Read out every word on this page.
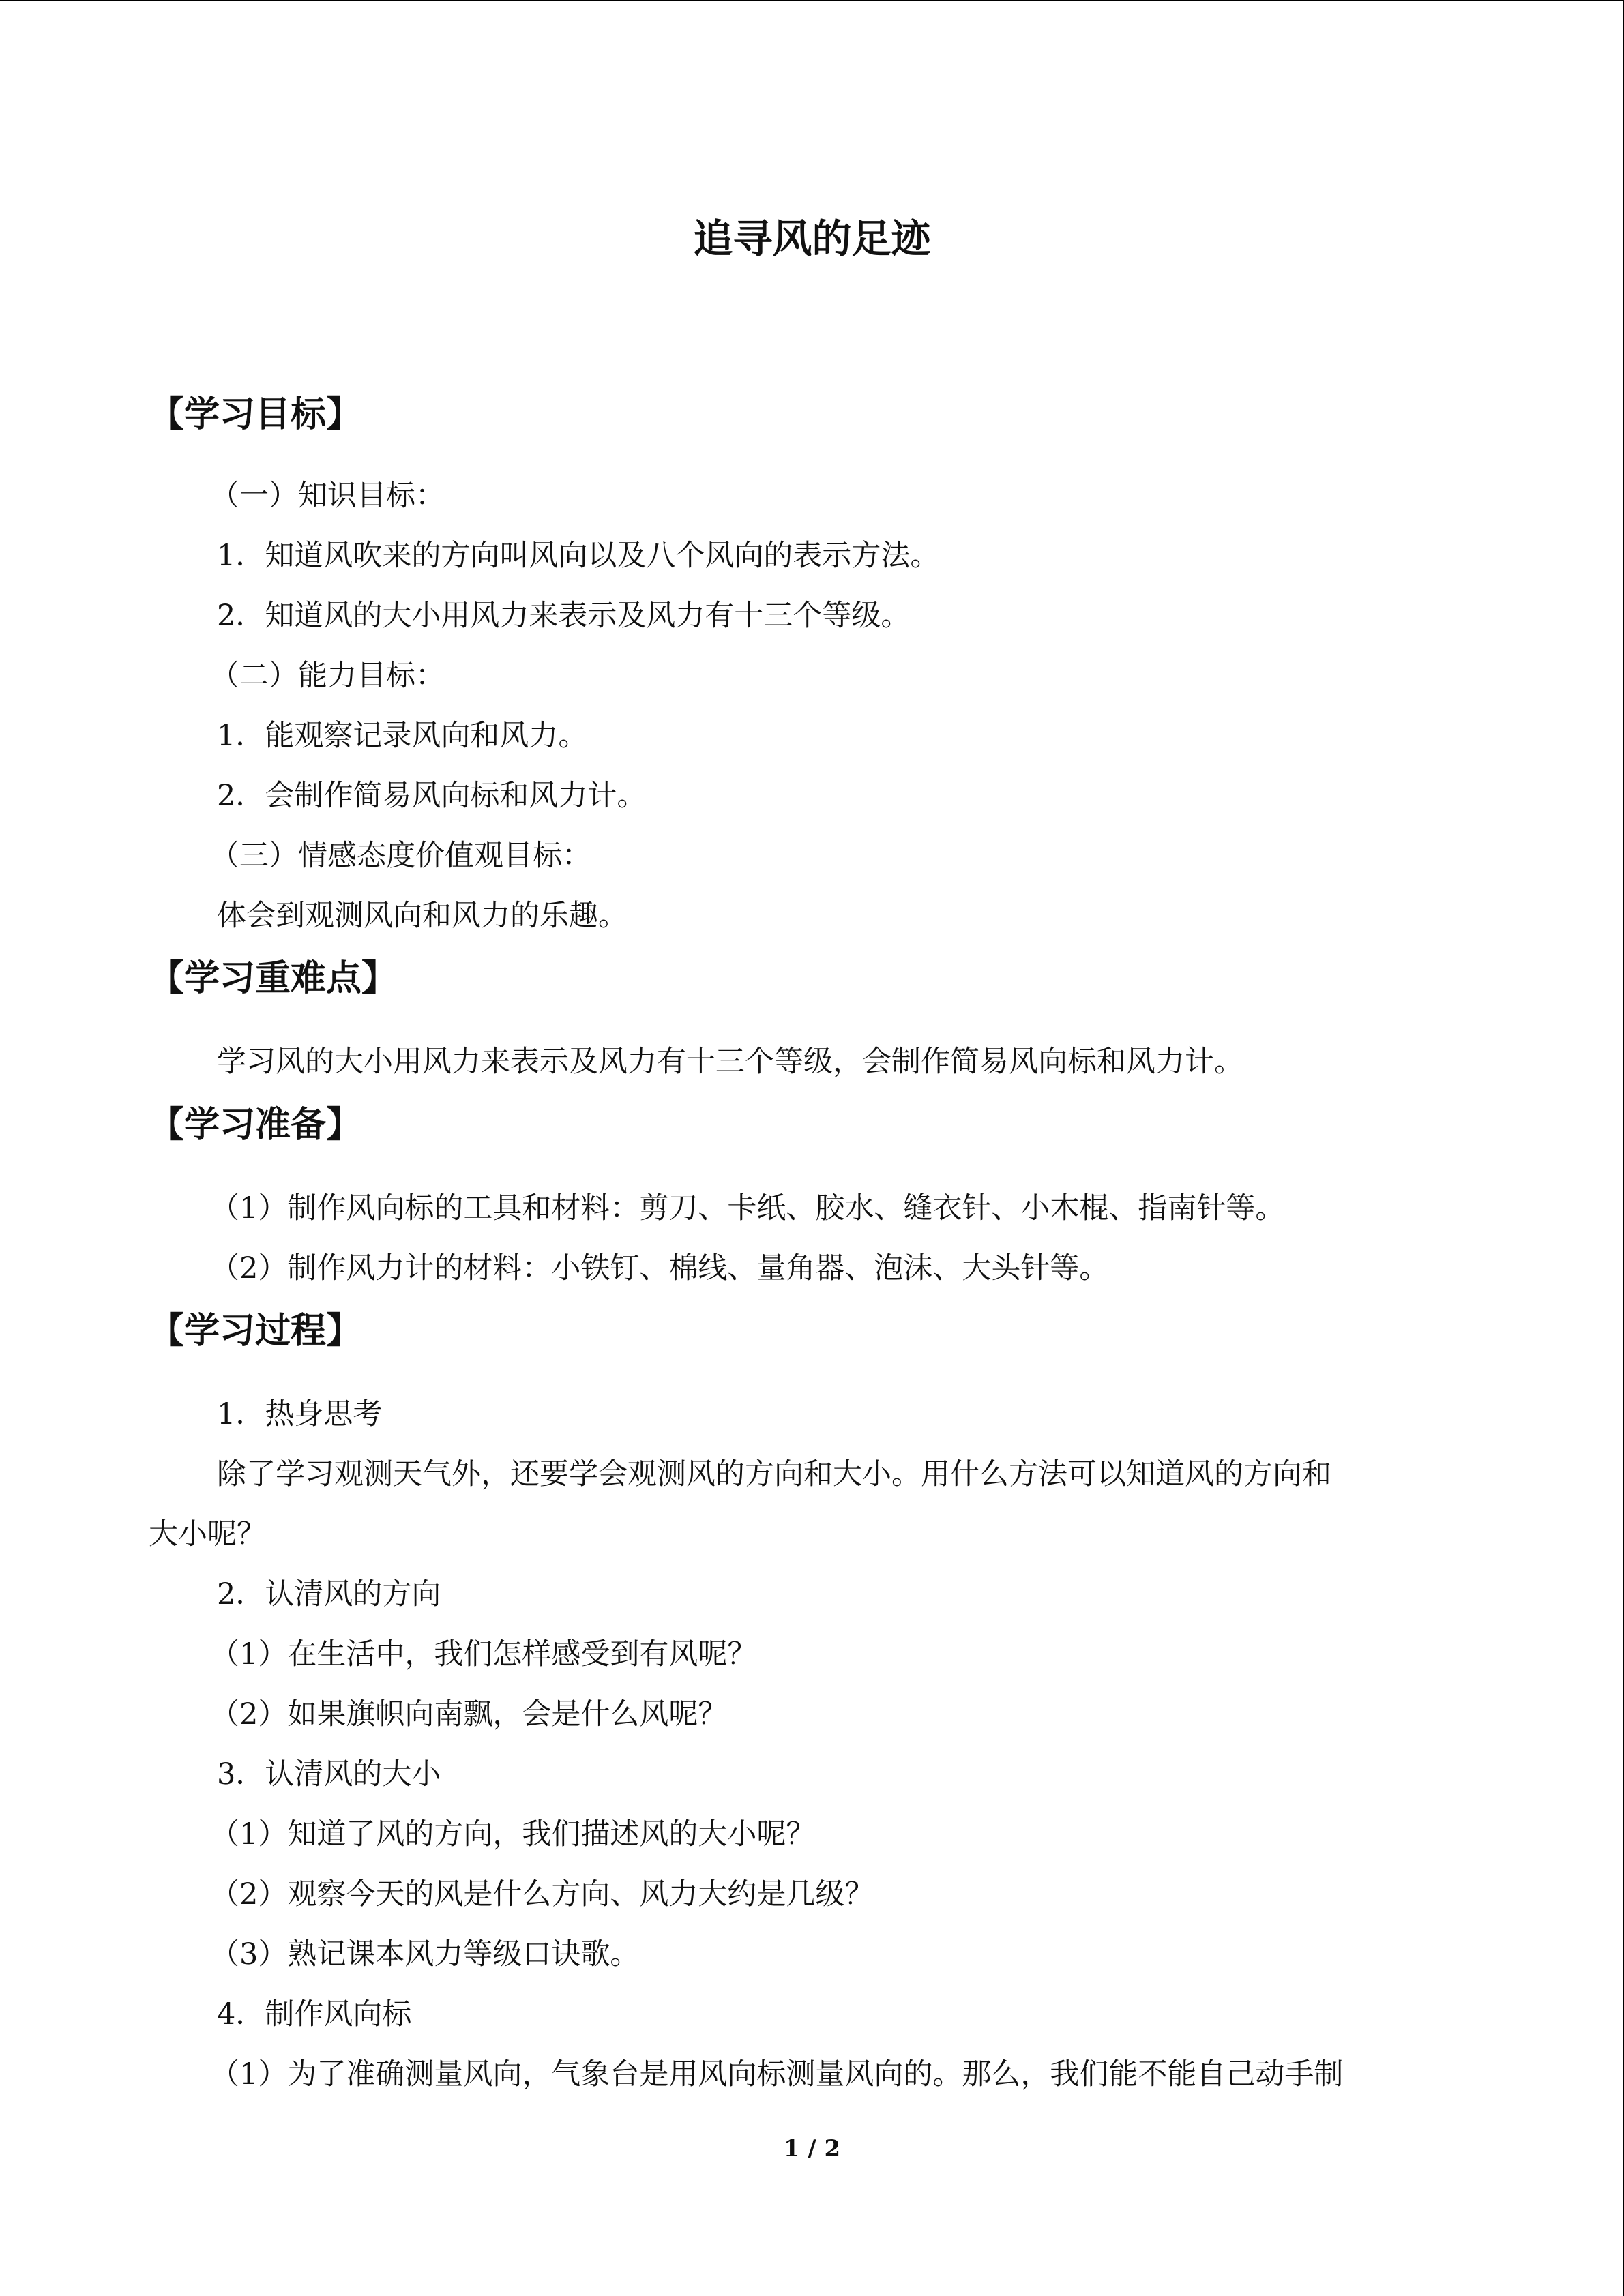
追寻风的足迹
【学习目标】

（一）知识目标：

1．知道风吹来的方向叫风向以及八个风向的表示方法。

2．知道风的大小用风力来表示及风力有十三个等级。

（二）能力目标：

1．能观察记录风向和风力。

2．会制作简易风向标和风力计。

（三）情感态度价值观目标：

体会到观测风向和风力的乐趣。

【学习重难点】

学习风的大小用风力来表示及风力有十三个等级，会制作简易风向标和风力计。

【学习准备】

（1）制作风向标的工具和材料：剪刀、卡纸、胶水、缝衣针、小木棍、指南针等。

（2）制作风力计的材料：小铁钉、棉线、量角器、泡沫、大头针等。

【学习过程】

1．热身思考

除了学习观测天气外，还要学会观测风的方向和大小。用什么方法可以知道风的方向和

大小呢？

2．认清风的方向

（1）在生活中，我们怎样感受到有风呢？

（2）如果旗帜向南飘，会是什么风呢？

3．认清风的大小

（1）知道了风的方向，我们描述风的大小呢？

（2）观察今天的风是什么方向、风力大约是几级？

（3）熟记课本风力等级口诀歌。

4．制作风向标

（1）为了准确测量风向，气象台是用风向标测量风向的。那么，我们能不能自己动手制

1 / 2
